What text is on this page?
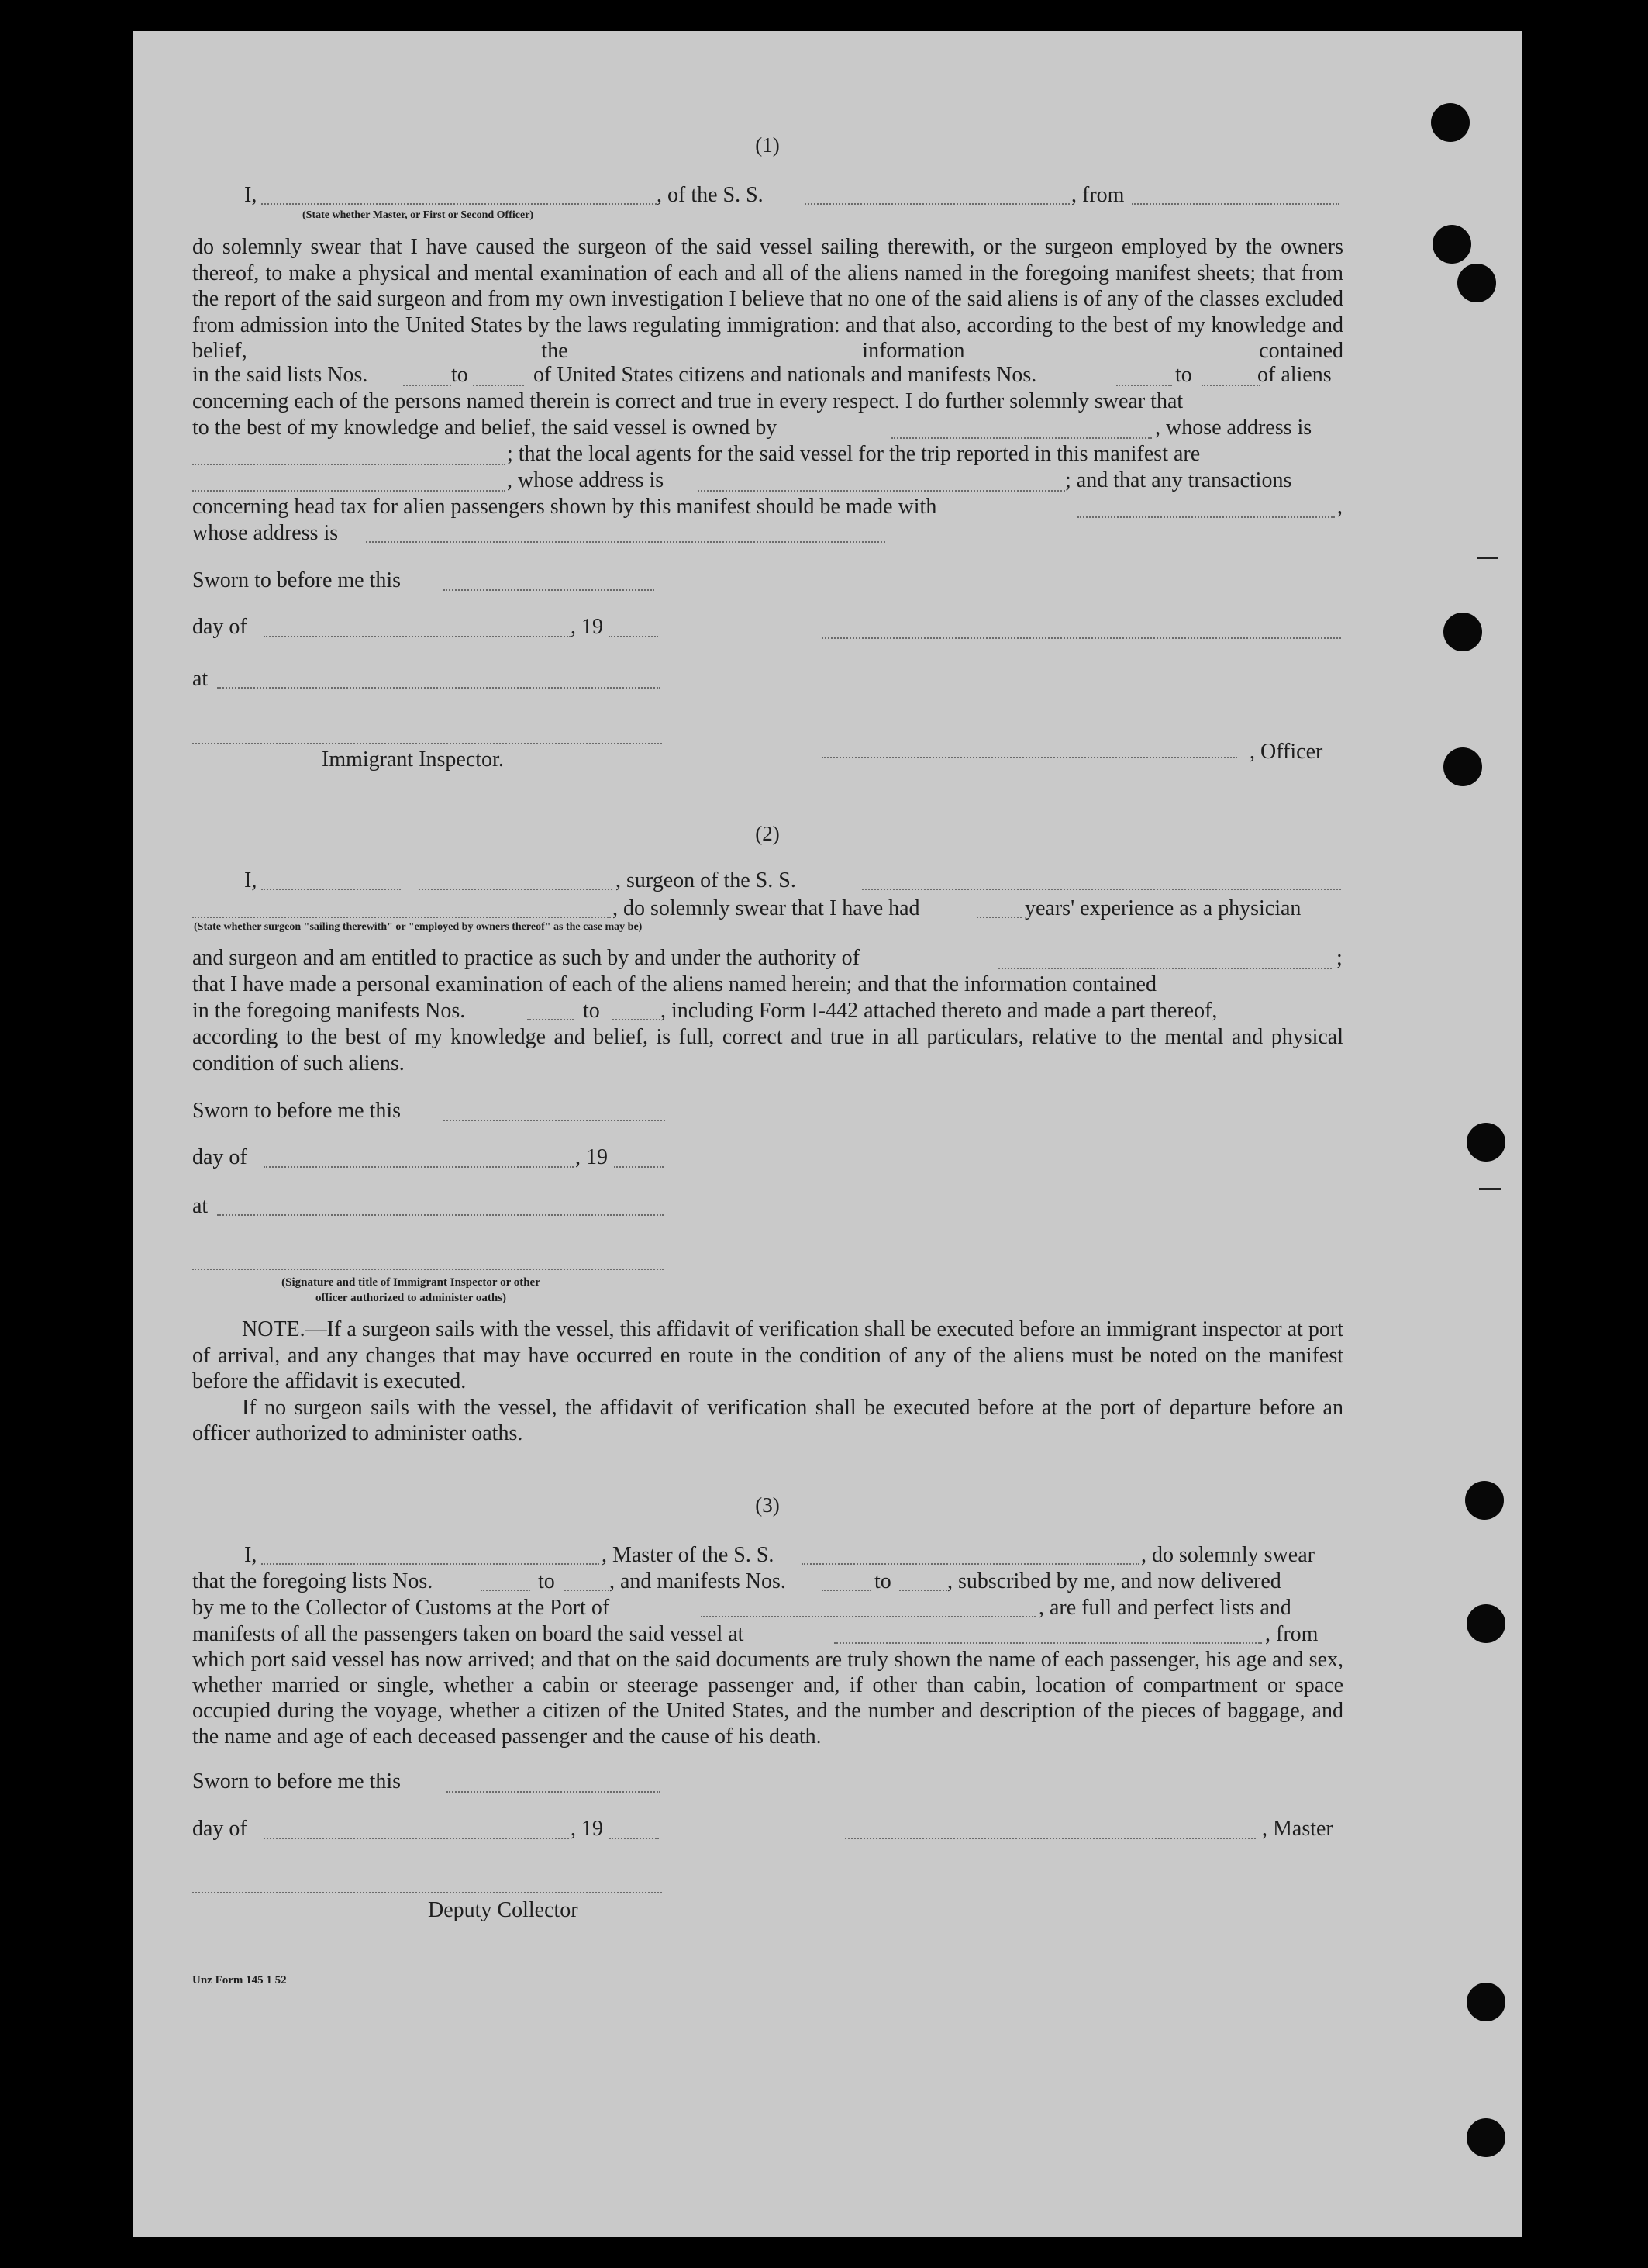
(1)
I,	, of the S. S.	, from
(State whether Master, or First or Second Officer)

do solemnly swear that I have caused the surgeon of the said vessel sailing therewith, or the surgeon employed by the owners thereof, to make a physical and mental examination of each and all of the aliens named in the foregoing manifest sheets; that from the report of the said surgeon and from my own investigation I believe that no one of the said aliens is of any of the classes excluded from admission into the United States by the laws regulating immigration: and that also, according to the best of my knowledge and belief, the information contained

in the said lists Nos.	to	of United States citizens and nationals and manifests Nos.	to	of aliens
concerning each of the persons named therein is correct and true in every respect. I do further solemnly swear that
to the best of my knowledge and belief, the said vessel is owned by	, whose address is
; that the local agents for the said vessel for the trip reported in this manifest are
, whose address is	; and that any transactions
concerning head tax for alien passengers shown by this manifest should be made with	,
whose address is
Sworn to before me this
day of	, 19
at
Immigrant Inspector.	, Officer
(2)
I,	, surgeon of the S. S.
, do solemnly swear that I have had	years' experience as a physician
(State whether surgeon "sailing therewith" or "employed by owners thereof" as the case may be)
and surgeon and am entitled to practice as such by and under the authority of	;
that I have made a personal examination of each of the aliens named herein; and that the information contained
in the foregoing manifests Nos.	to	, including Form I-442 attached thereto and made a part thereof,

according to the best of my knowledge and belief, is full, correct and true in all particulars, relative to the mental and physical condition of such aliens.

Sworn to before me this
day of	, 19
at
(Signature and title of Immigrant Inspector or other
officer authorized to administer oaths)

NOTE.—If a surgeon sails with the vessel, this affidavit of verification shall be executed before an immigrant inspector at port of arrival, and any changes that may have occurred en route in the condition of any of the aliens must be noted on the manifest before the affidavit is executed.

If no surgeon sails with the vessel, the affidavit of verification shall be executed before at the port of departure before an officer authorized to administer oaths.

(3)
I,	, Master of the S. S.	, do solemnly swear
that the foregoing lists Nos.	to	, and manifests Nos.	to	, subscribed by me, and now delivered
by me to the Collector of Customs at the Port of	, are full and perfect lists and
manifests of all the passengers taken on board the said vessel at	, from

which port said vessel has now arrived; and that on the said documents are truly shown the name of each passenger, his age and sex, whether married or single, whether a cabin or steerage passenger and, if other than cabin, location of compartment or space occupied during the voyage, whether a citizen of the United States, and the number and description of the pieces of baggage, and the name and age of each deceased passenger and the cause of his death.

Sworn to before me this
day of	, 19	, Master
Deputy Collector
Unz Form 145 1 52
